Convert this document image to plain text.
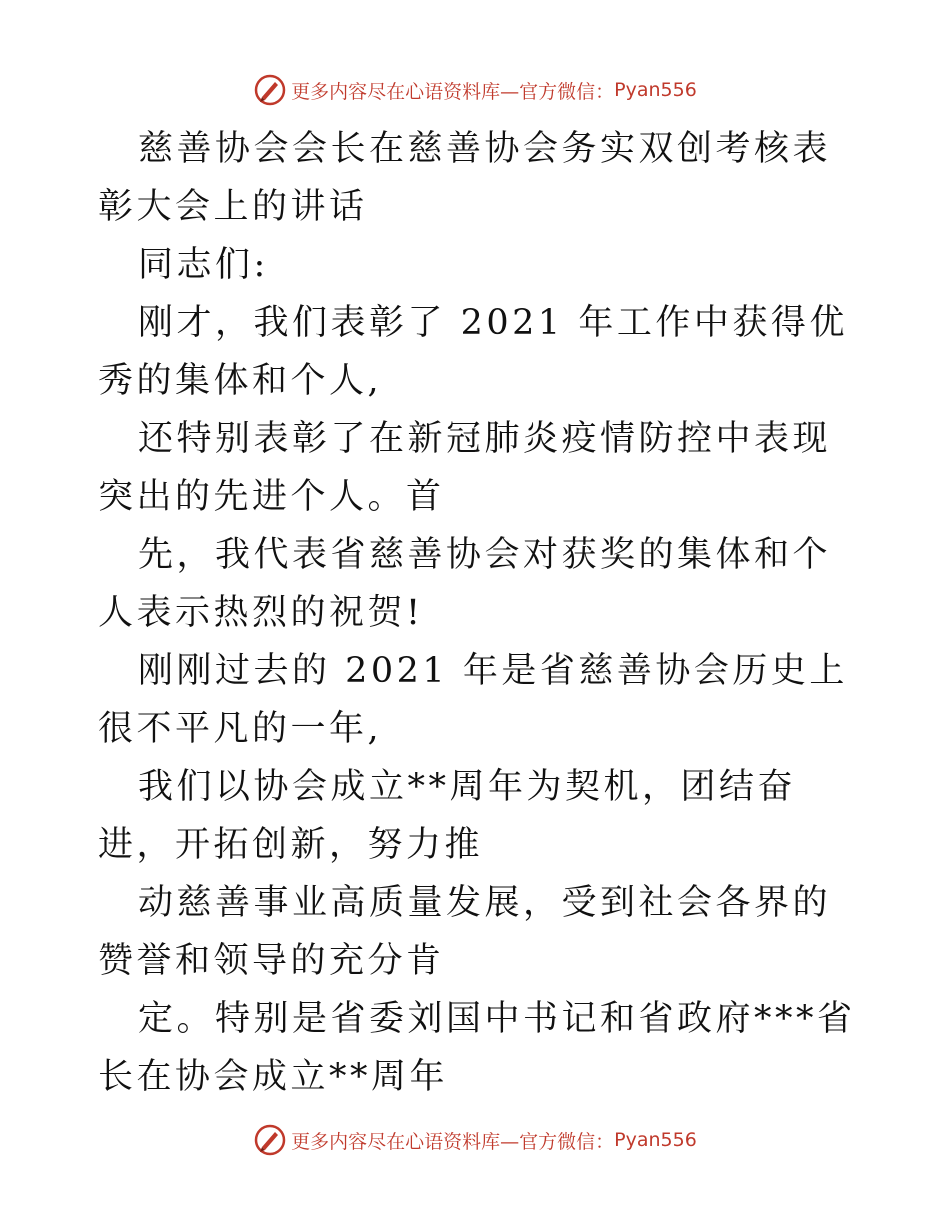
更多内容尽在心语资料库—官方微信： Pyan556

慈善协会会长在慈善协会务实双创考核表彰大会上的讲话

同志们:

刚才，我们表彰了 2021 年工作中获得优秀的集体和个人,

还特别表彰了在新冠肺炎疫情防控中表现突出的先进个人。首

先，我代表省慈善协会对获奖的集体和个人表示热烈的祝贺!

刚刚过去的 2021 年是省慈善协会历史上很不平凡的一年,

我们以协会成立**周年为契机，团结奋进，开拓创新，努力推

动慈善事业高质量发展，受到社会各界的赞誉和领导的充分肯

定。特别是省委刘国中书记和省政府***省长在协会成立**周年

更多内容尽在心语资料库—官方微信： Pyan556
